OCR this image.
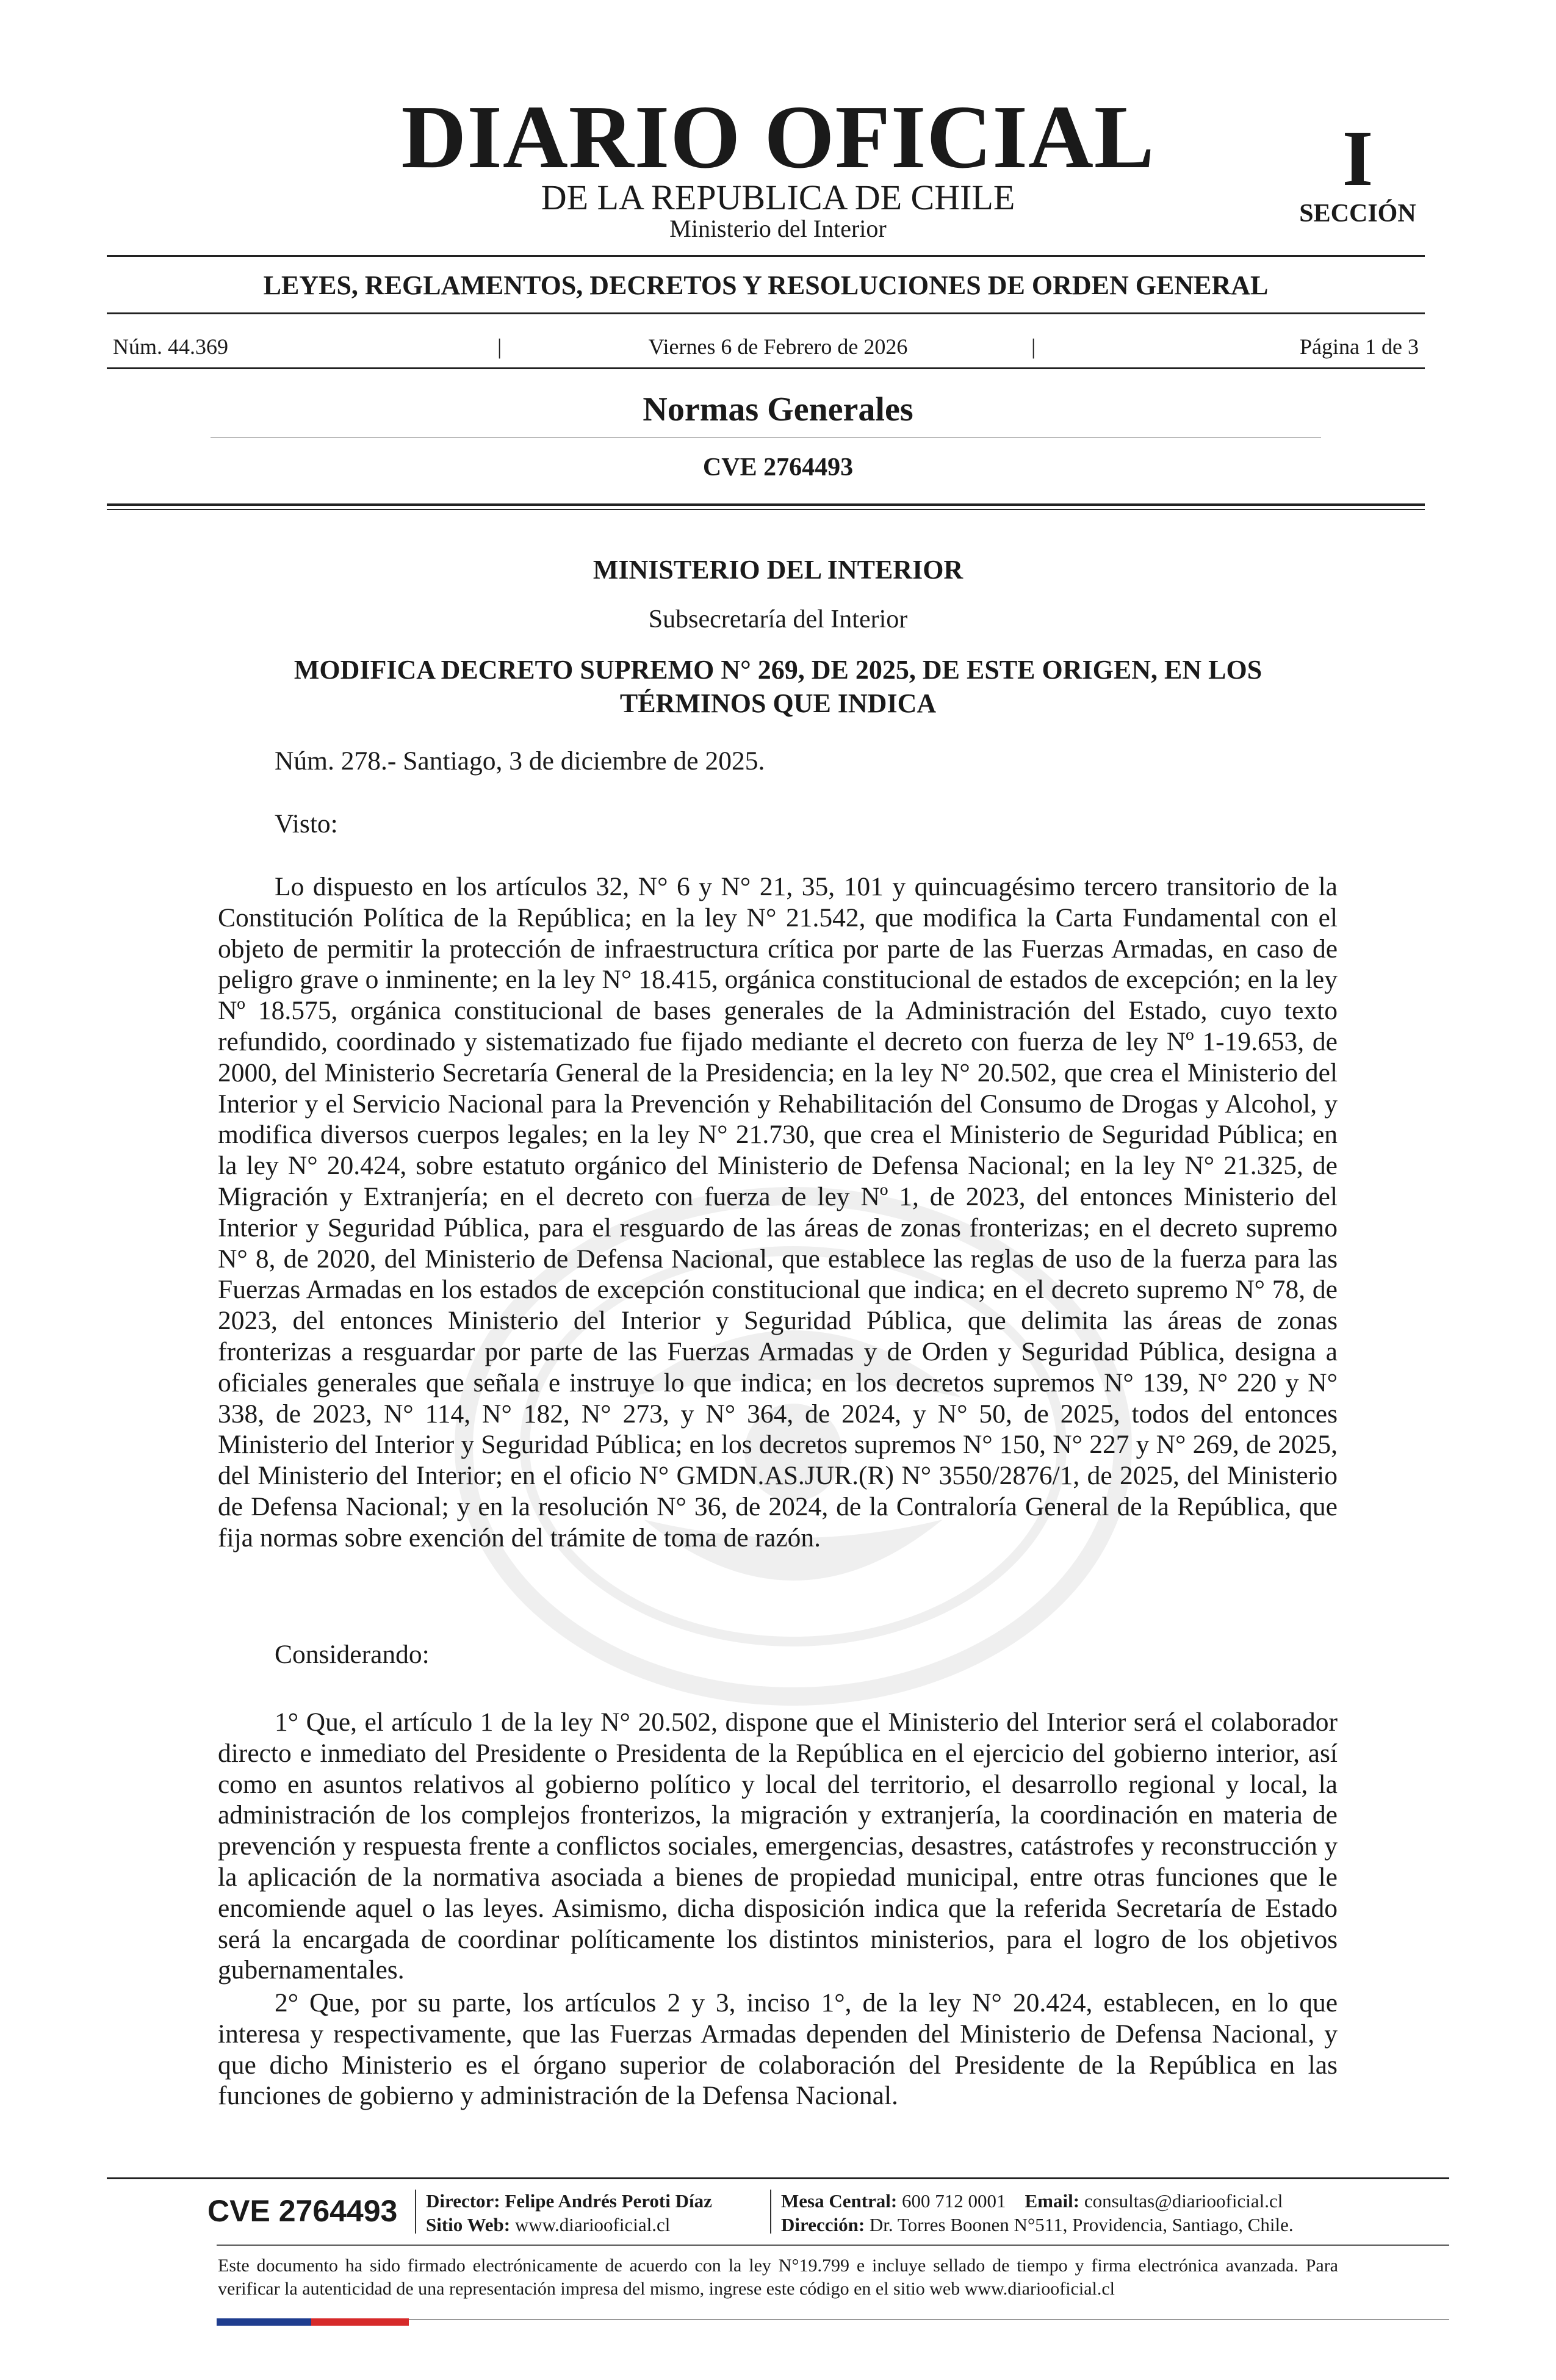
DIARIO OFICIAL
DE LA REPUBLICA DE CHILE
Ministerio del Interior
I
SECCIÓN
LEYES, REGLAMENTOS, DECRETOS Y RESOLUCIONES DE ORDEN GENERAL
Núm. 44.369	|	Viernes 6 de Febrero de 2026	|	Página 1 de 3
Normas Generales
CVE 2764493
MINISTERIO DEL INTERIOR
Subsecretaría del Interior
MODIFICA DECRETO SUPREMO N° 269, DE 2025, DE ESTE ORIGEN, EN LOS TÉRMINOS QUE INDICA

Núm. 278.- Santiago, 3 de diciembre de 2025.

Visto:

Lo dispuesto en los artículos 32, N° 6 y N° 21, 35, 101 y quincuagésimo tercero transitorio de la Constitución Política de la República; en la ley N° 21.542, que modifica la Carta Fundamental con el objeto de permitir la protección de infraestructura crítica por parte de las Fuerzas Armadas, en caso de peligro grave o inminente; en la ley N° 18.415, orgánica constitucional de estados de excepción; en la ley Nº 18.575, orgánica constitucional de bases generales de la Administración del Estado, cuyo texto refundido, coordinado y sistematizado fue fijado mediante el decreto con fuerza de ley Nº 1-19.653, de 2000, del Ministerio Secretaría General de la Presidencia; en la ley N° 20.502, que crea el Ministerio del Interior y el Servicio Nacional para la Prevención y Rehabilitación del Consumo de Drogas y Alcohol, y modifica diversos cuerpos legales; en la ley N° 21.730, que crea el Ministerio de Seguridad Pública; en la ley N° 20.424, sobre estatuto orgánico del Ministerio de Defensa Nacional; en la ley N° 21.325, de Migración y Extranjería; en el decreto con fuerza de ley Nº 1, de 2023, del entonces Ministerio del Interior y Seguridad Pública, para el resguardo de las áreas de zonas fronterizas; en el decreto supremo N° 8, de 2020, del Ministerio de Defensa Nacional, que establece las reglas de uso de la fuerza para las Fuerzas Armadas en los estados de excepción constitucional que indica; en el decreto supremo N° 78, de 2023, del entonces Ministerio del Interior y Seguridad Pública, que delimita las áreas de zonas fronterizas a resguardar por parte de las Fuerzas Armadas y de Orden y Seguridad Pública, designa a oficiales generales que señala e instruye lo que indica; en los decretos supremos N° 139, N° 220 y N° 338, de 2023, N° 114, N° 182, N° 273, y N° 364, de 2024, y N° 50, de 2025, todos del entonces Ministerio del Interior y Seguridad Pública; en los decretos supremos N° 150, N° 227 y N° 269, de 2025, del Ministerio del Interior; en el oficio N° GMDN.AS.JUR.(R) N° 3550/2876/1, de 2025, del Ministerio de Defensa Nacional; y en la resolución N° 36, de 2024, de la Contraloría General de la República, que fija normas sobre exención del trámite de toma de razón.

Considerando:

1° Que, el artículo 1 de la ley N° 20.502, dispone que el Ministerio del Interior será el colaborador directo e inmediato del Presidente o Presidenta de la República en el ejercicio del gobierno interior, así como en asuntos relativos al gobierno político y local del territorio, el desarrollo regional y local, la administración de los complejos fronterizos, la migración y extranjería, la coordinación en materia de prevención y respuesta frente a conflictos sociales, emergencias, desastres, catástrofes y reconstrucción y la aplicación de la normativa asociada a bienes de propiedad municipal, entre otras funciones que le encomiende aquel o las leyes. Asimismo, dicha disposición indica que la referida Secretaría de Estado será la encargada de coordinar políticamente los distintos ministerios, para el logro de los objetivos gubernamentales.

2° Que, por su parte, los artículos 2 y 3, inciso 1°, de la ley N° 20.424, establecen, en lo que interesa y respectivamente, que las Fuerzas Armadas dependen del Ministerio de Defensa Nacional, y que dicho Ministerio es el órgano superior de colaboración del Presidente de la República en las funciones de gobierno y administración de la Defensa Nacional.

CVE 2764493 Director: Felipe Andrés Peroti Díaz
Sitio Web: www.diariooficial.cl
Mesa Central: 600 712 0001 Email: consultas@diariooficial.cl
Dirección: Dr. Torres Boonen N°511, Providencia, Santiago, Chile.
Este documento ha sido firmado electrónicamente de acuerdo con la ley N°19.799 e incluye sellado de tiempo y firma electrónica avanzada. Para verificar la autenticidad de una representación impresa del mismo, ingrese este código en el sitio web www.diariooficial.cl
